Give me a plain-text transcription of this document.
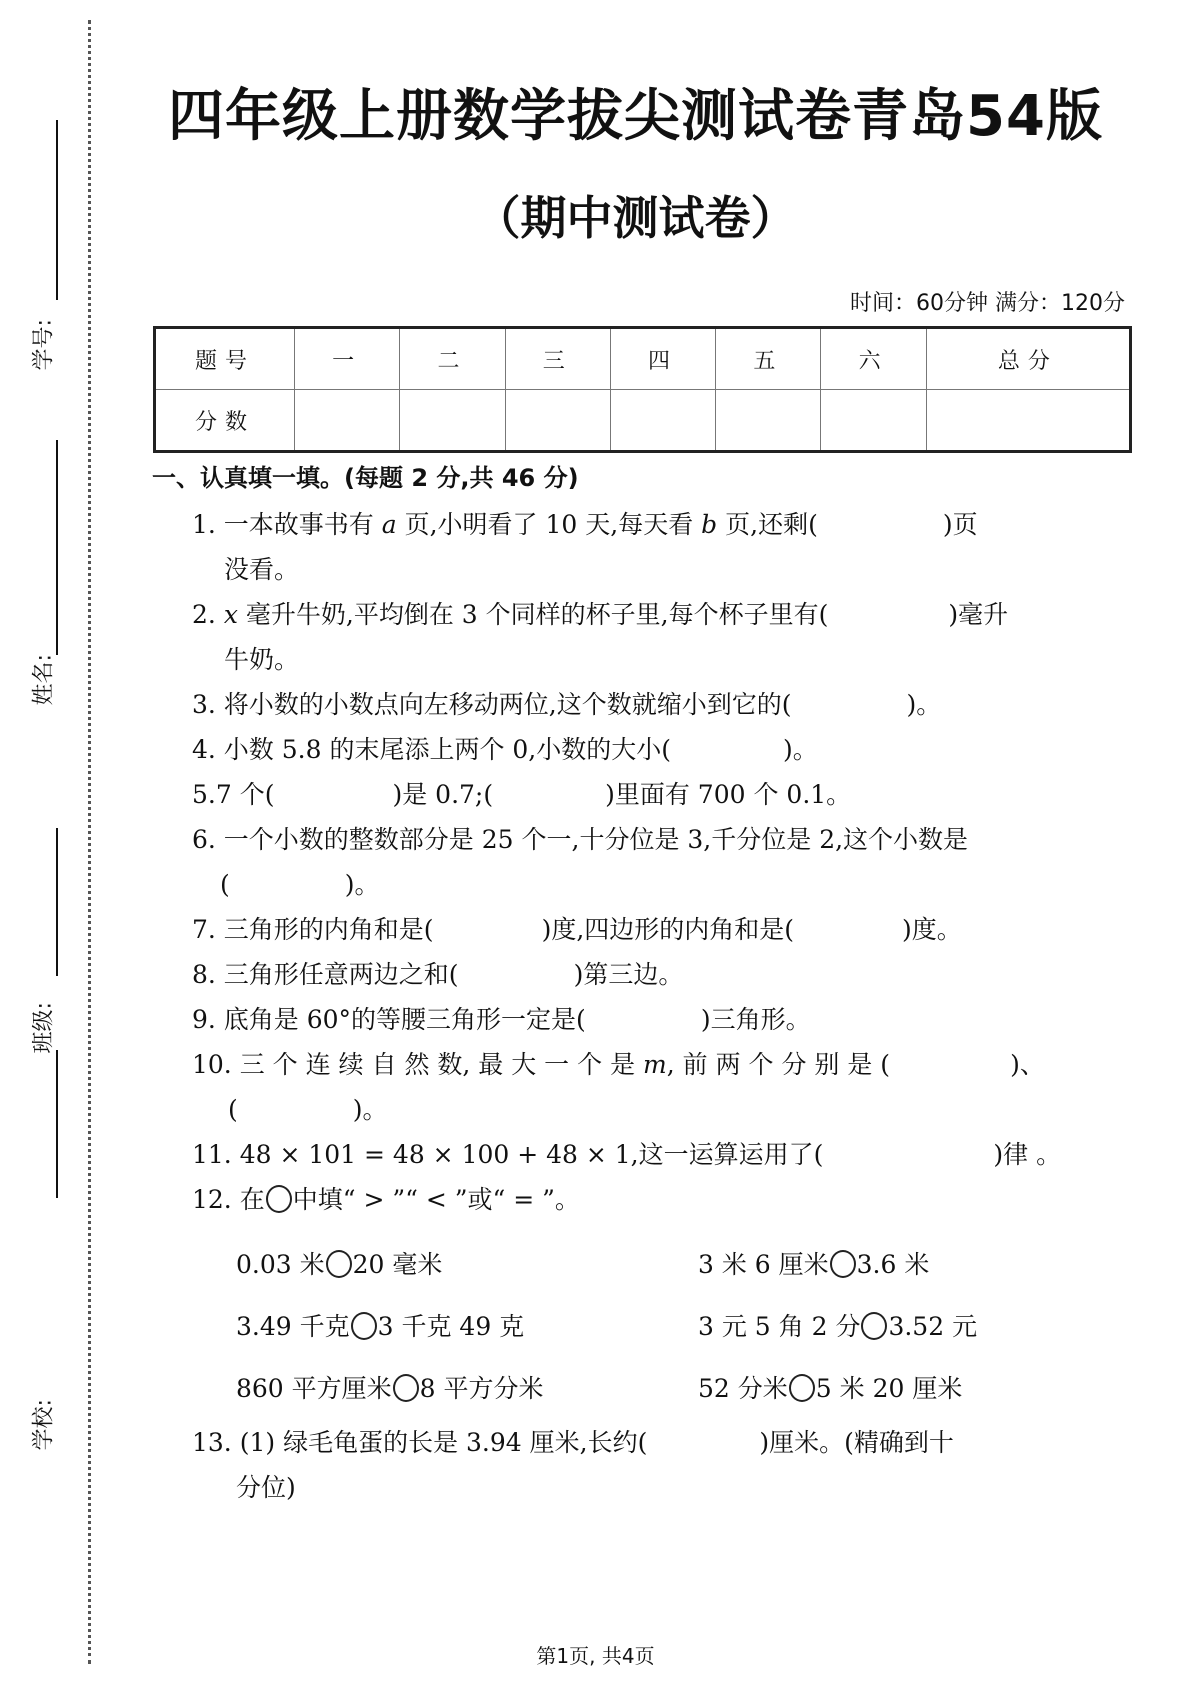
学号:
姓名:
班级:
学校:
四年级上册数学拔尖测试卷青岛54版
（期中测试卷）
时间：60分钟 满分：120分
题号	一	二	三	四	五	六	总分
分数							
一、认真填一填。(每题 2 分,共 46 分)
1. 一本故事书有 a 页,小明看了 10 天,每天看 b 页,还剩(	)页
没看。
2. x 毫升牛奶,平均倒在 3 个同样的杯子里,每个杯子里有(	)毫升
牛奶。
3. 将小数的小数点向左移动两位,这个数就缩小到它的(	)。
4. 小数 5.8 的末尾添上两个 0,小数的大小(	)。
5.7 个(	)是 0.7;(	)里面有 700 个 0.1。
6. 一个小数的整数部分是 25 个一,十分位是 3,千分位是 2,这个小数是
(	)。
7. 三角形的内角和是(	)度,四边形的内角和是(	)度。
8. 三角形任意两边之和(	)第三边。
9. 底角是 60°的等腰三角形一定是(	)三角形。
10. 三 个 连 续 自 然 数, 最 大 一 个 是 m, 前 两 个 分 别 是 (	)、
(	)。
11. 48 × 101 = 48 × 100 + 48 × 1,这一运算运用了(	)律 。
12. 在 中填“ > ”“ < ”或“ = ”。
0.03 米 20 毫米	3 米 6 厘米 3.6 米
3.49 千克 3 千克 49 克	3 元 5 角 2 分 3.52 元
860 平方厘米 8 平方分米	52 分米 5 米 20 厘米
13. (1) 绿毛龟蛋的长是 3.94 厘米,长约(	)厘米。(精确到十
分位)
第1页, 共4页
